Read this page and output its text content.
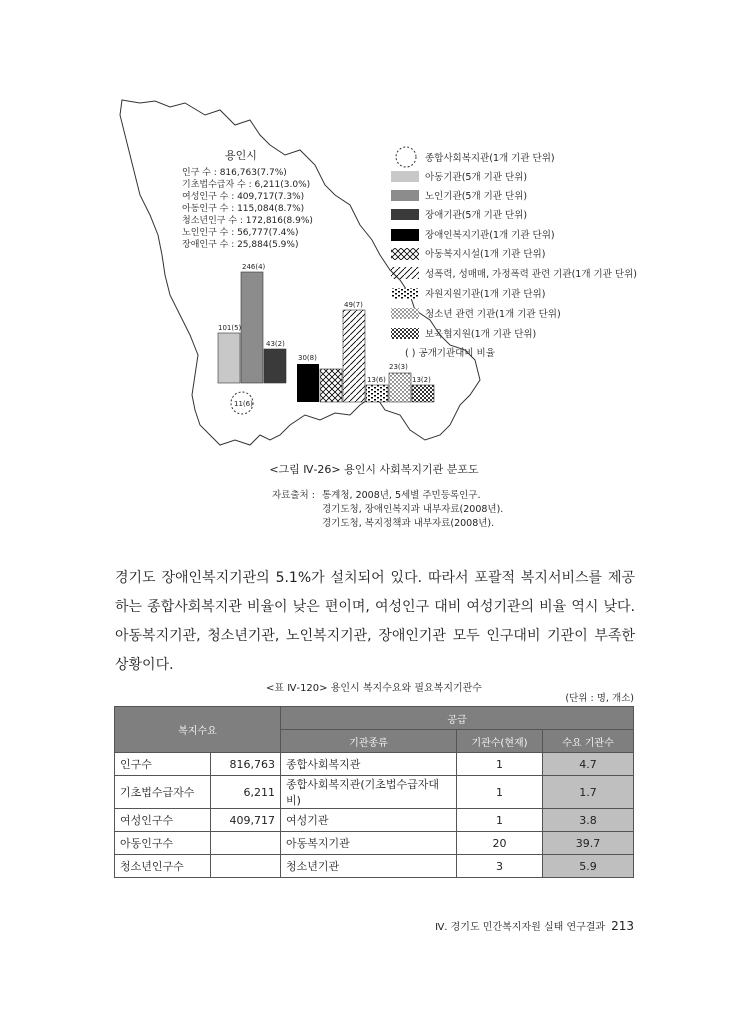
용인시
인구 수 : 816,763(7.7%)
기초법수급자 수 : 6,211(3.0%)
여성인구 수 : 409,717(7.3%)
아동인구 수 : 115,084(8.7%)
청소년인구 수 : 172,816(8.9%)
노인인구 수 : 56,777(7.4%)
장애인구 수 : 25,884(5.9%)
101(5)
246(4)
43(2)
30(8)
49(7)
13(6)
23(3)
13(2)
11(6)
종합사회복지관(1개 기관 단위)
아동기관(5개 기관 단위)
노인기관(5개 기관 단위)
장애기관(5개 기관 단위)
장애인복지기관(1개 기관 단위)
아동복지시설(1개 기관 단위)
성폭력, 성매매, 가정폭력 관련 기관(1개 기관 단위)
자원지원기관(1개 기관 단위)
청소년 관련 기관(1개 기관 단위)
보육협지원(1개 기관 단위)
( ) 공개기관대비 비율
<그림 Ⅳ-26> 용인시 사회복지기관 분포도
자료출처 : 통계청, 2008년, 5세별 주민등록인구.
경기도청, 장애인복지과 내부자료(2008년).
경기도청, 복지정책과 내부자료(2008년).
경기도 장애인복지기관의 5.1%가 설치되어 있다. 따라서 포괄적 복지서비스를 제공하는 종합사회복지관 비율이 낮은 편이며, 여성인구 대비 여성기관의 비율 역시 낮다. 아동복지기관, 청소년기관, 노인복지기관, 장애인기관 모두 인구대비 기관이 부족한 상황이다.
<표 Ⅳ-120> 용인시 복지수요와 필요복지기관수
(단위 : 명, 개소)
복지수요		공급		
		기관종류	기관수(현재)	수요 기관수
인구수	816,763	종합사회복지관	1	4.7
기초법수급자수	6,211	종합사회복지관(기초법수급자대비)	1	1.7
여성인구수	409,717	여성기관	1	3.8
아동인구수		아동복지기관	20	39.7
청소년인구수		청소년기관	3	5.9
Ⅳ. 경기도 민간복지자원 실태 연구결과 213
